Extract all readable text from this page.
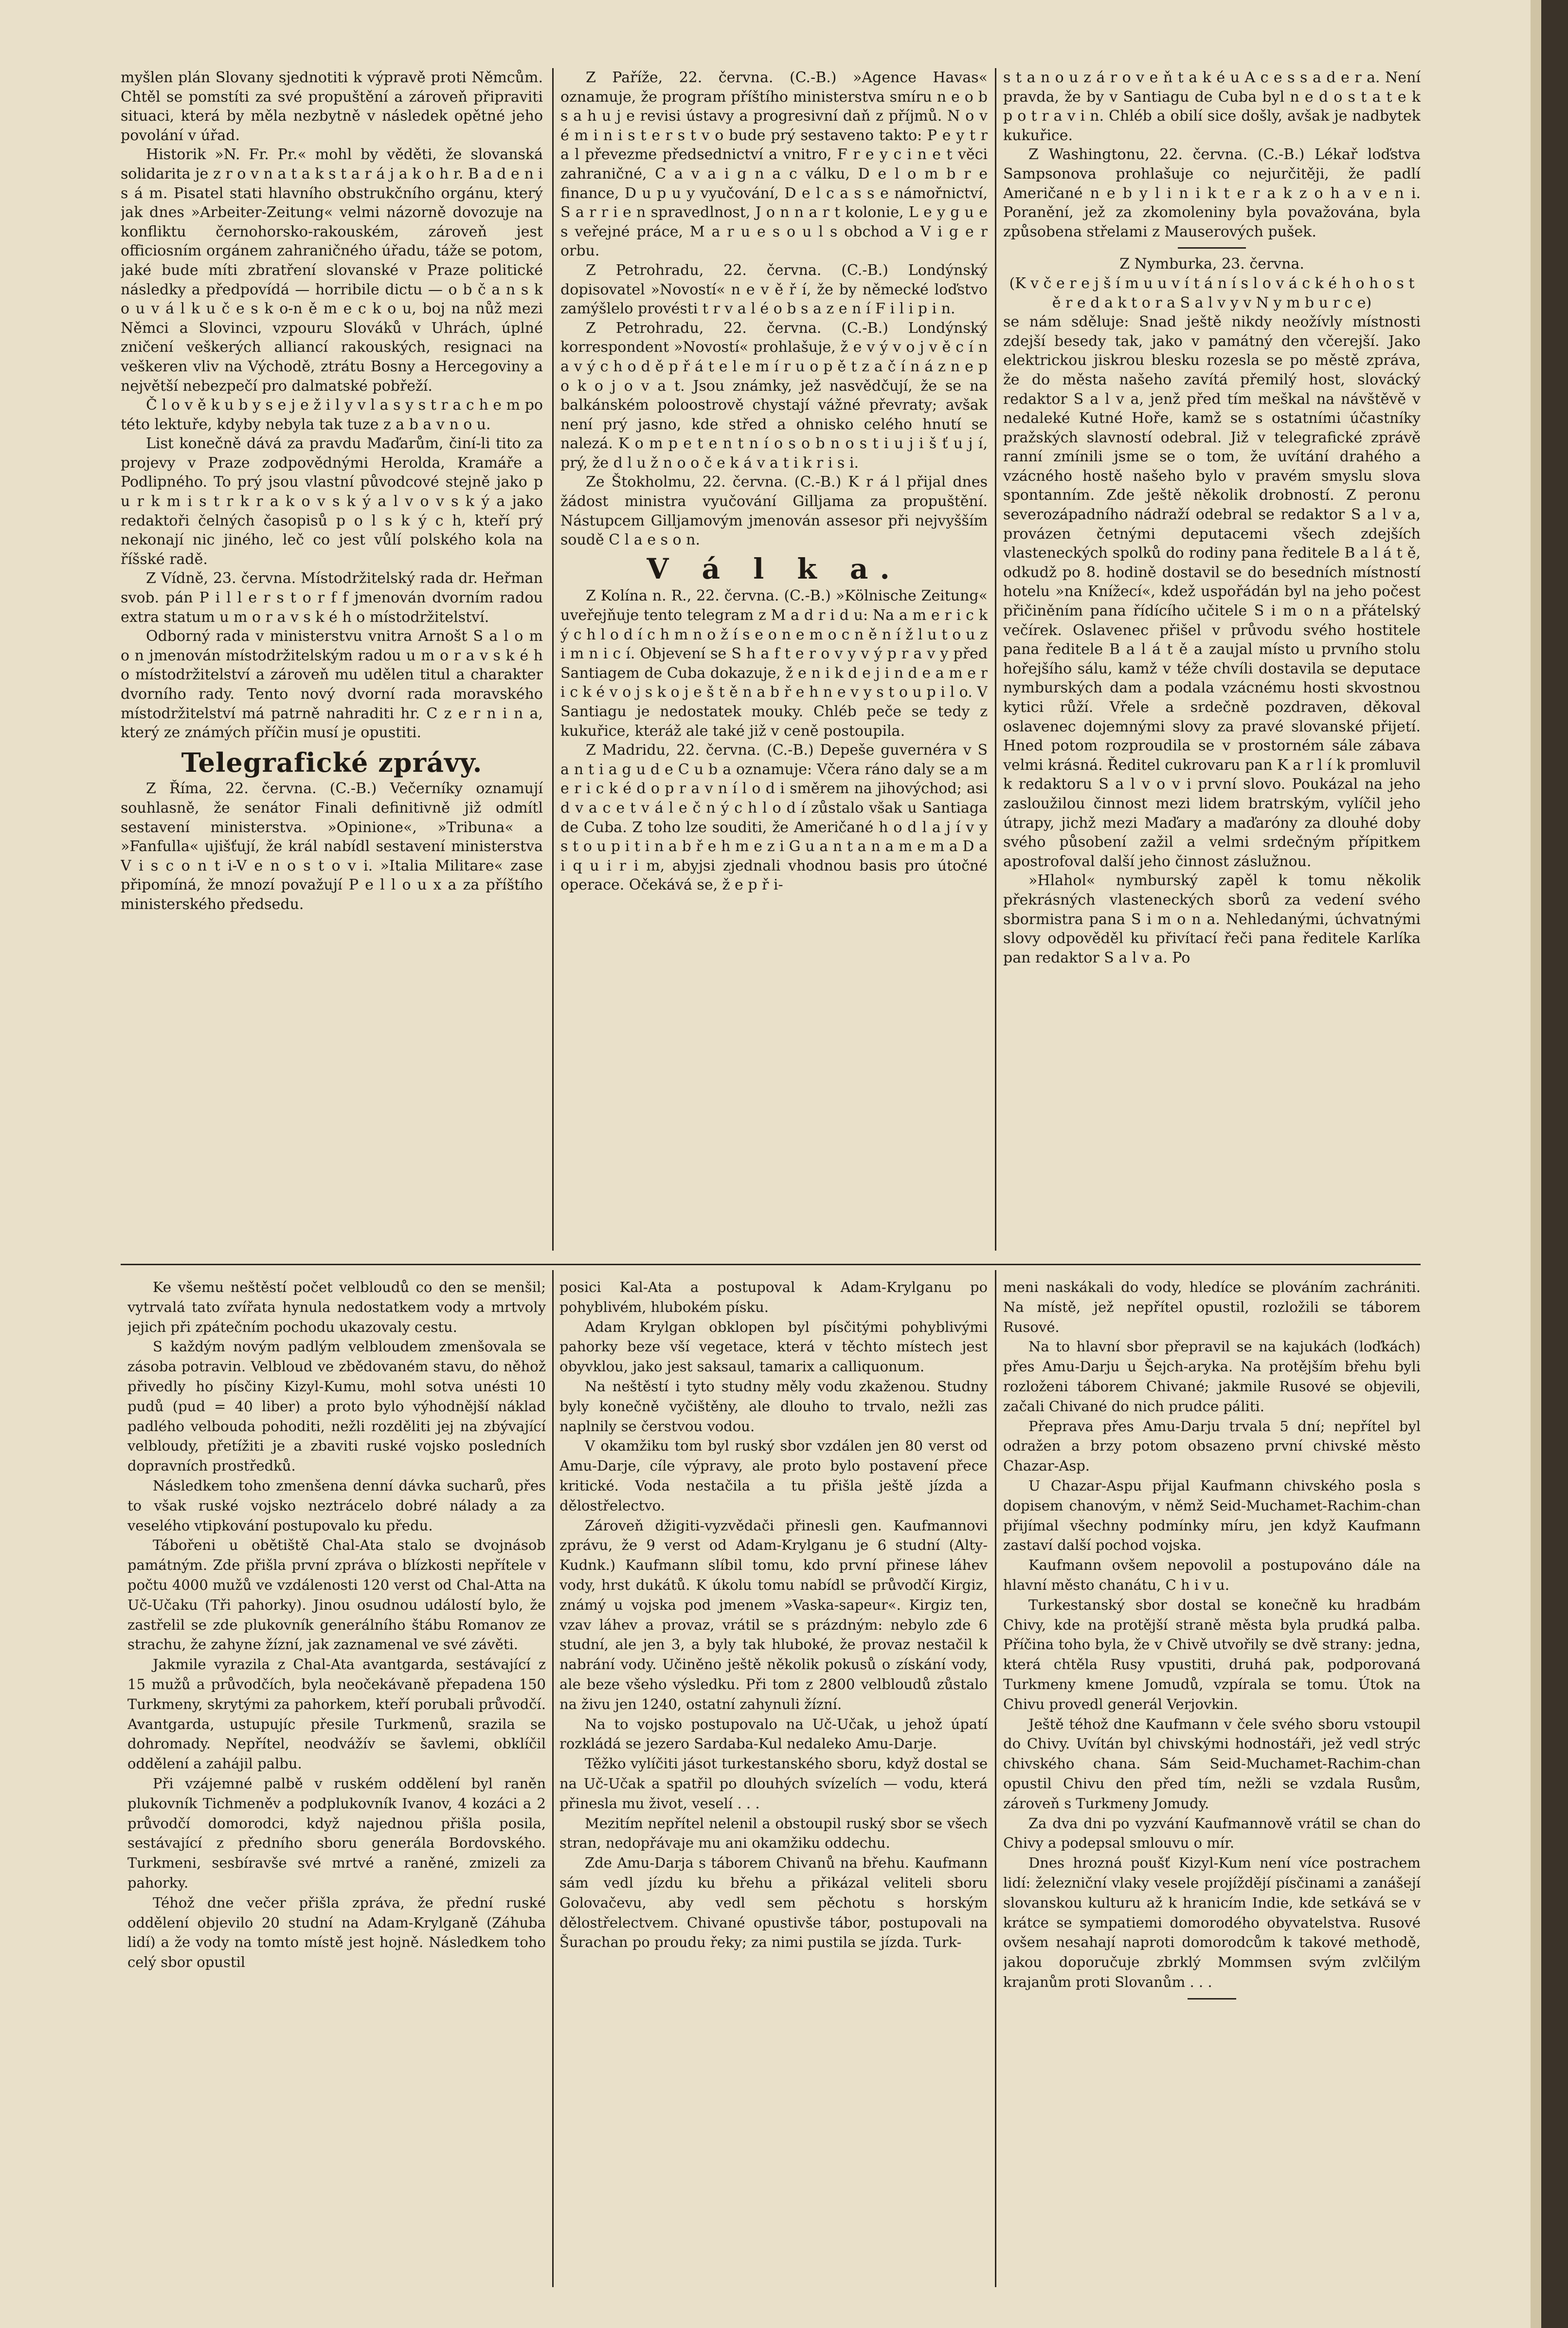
myšlen plán Slovany sjednotiti k výpravě proti Němcům. Chtěl se pomstíti za své propuštění a zároveň připraviti situaci, která by měla nezbytně v následek opětné jeho povolání v úřad.

Historik »N. Fr. Pr.« mohl by věděti, že slovanská solidarita je z r o v n a t a k s t a r á j a k o h r. B a d e n i s á m. Pisatel stati hlavního obstrukčního orgánu, který jak dnes »Arbeiter-Zeitung« velmi názorně dovozuje na konfliktu černohorsko-rakouském, zároveň jest officiosním orgánem zahraničného úřadu, táže se potom, jaké bude míti zbratření slovanské v Praze politické následky a předpovídá — horribile dictu — o b č a n s k o u v á l k u č e s k o-n ě m e c k o u, boj na nůž mezi Němci a Slovinci, vzpouru Slováků v Uhrách, úplné zničení veškerých alliancí rakouských, resignaci na veškeren vliv na Východě, ztrátu Bosny a Hercegoviny a největší nebezpečí pro dalmatské pobřeží.

Č l o v ě k u b y s e j e ž i l y v l a s y s t r a c h e m po této lektuře, kdyby nebyla tak tuze z a b a v n o u.

List konečně dává za pravdu Maďarům, činí-li tito za projevy v Praze zodpovědnými Herolda, Kramáře a Podlipného. To prý jsou vlastní původcové stejně jako p u r k m i s t r k r a k o v s k ý a l v o v s k ý a jako redaktoři čelných časopisů p o l s k ý c h, kteří prý nekonají nic jiného, leč co jest vůlí polského kola na říšské radě.

Z Vídně, 23. června. Místodržitelský rada dr. Heřman svob. pán P i l l e r s t o r f f jmenován dvorním radou extra statum u m o r a v s k é h o místodržitelství.

Odborný rada v ministerstvu vnitra Arnošt S a l o m o n jmenován místodržitelským radou u m o r a v s k é h o místodržitelství a zároveň mu udělen titul a charakter dvorního rady. Tento nový dvorní rada moravského místodržitelství má patrně nahraditi hr. C z e r n i n a, který ze známých příčin musí je opustiti.

Telegrafické zprávy.

Z Říma, 22. června. (C.-B.) Večerníky oznamují souhlasně, že senátor Finali definitivně již odmítl sestavení ministerstva. »Opinione«, »Tribuna« a »Fanfulla« ujišťují, že král nabídl sestavení ministerstva V i s c o n t i-V e n o s t o v i. »Italia Militare« zase připomíná, že mnozí považují P e l l o u x a za příštího ministerského předsedu.

Z Paříže, 22. června. (C.-B.) »Agence Havas« oznamuje, že program příštího ministerstva smíru n e o b s a h u j e revisi ústavy a progresivní daň z příjmů. N o v é m i n i s t e r s t v o bude prý sestaveno takto: P e y t r a l převezme předsednictví a vnitro, F r e y c i n e t věci zahraničné, C a v a i g n a c válku, D e l o m b r e finance, D u p u y vyučování, D e l c a s s e námořnictví, S a r r i e n spravedlnost, J o n n a r t kolonie, L e y g u e s veřejné práce, M a r u e s o u l s obchod a V i g e r orbu.

Z Petrohradu, 22. června. (C.-B.) Londýnský dopisovatel »Novostí« n e v ě ř í, že by německé loďstvo zamýšlelo provésti t r v a l é o b s a z e n í F i l i p i n.

Z Petrohradu, 22. června. (C.-B.) Londýnský korrespondent »Novostí« prohlašuje, ž e v ý v o j v ě c í n a v ý c h o d ě p ř á t e l e m í r u o p ě t z a č í n á z n e p o k o j o v a t. Jsou známky, jež nasvědčují, že se na balkánském poloostrově chystají vážné převraty; avšak není prý jasno, kde střed a ohnisko celého hnutí se nalezá. K o m p e t e n t n í o s o b n o s t i u j i š ť u j í, prý, že d l u ž n o o č e k á v a t i k r i s i.

Ze Štokholmu, 22. června. (C.-B.) K r á l přijal dnes žádost ministra vyučování Gilljama za propuštění. Nástupcem Gilljamovým jmenován assesor při nejvyšším soudě C l a e s o n.

V á l k a.

Z Kolína n. R., 22. června. (C.-B.) »Kölnische Zeitung« uveřejňuje tento telegram z M a d r i d u: Na a m e r i c k ý c h l o d í c h m n o ž í s e o n e m o c n ě n í ž l u t o u z i m n i c í. Objevení se S h a f t e r o v y v ý p r a v y před Santiagem de Cuba dokazuje, ž e n i k d e j i n d e a m e r i c k é v o j s k o j e š t ě n a b ř e h n e v y s t o u p i l o. V Santiagu je nedostatek mouky. Chléb peče se tedy z kukuřice, kteráž ale také již v ceně postoupila.

Z Madridu, 22. června. (C.-B.) Depeše guvernéra v S a n t i a g u d e C u b a oznamuje: Včera ráno daly se a m e r i c k é d o p r a v n í l o d i směrem na jihovýchod; asi d v a c e t v á l e č n ý c h l o d í zůstalo však u Santiaga de Cuba. Z toho lze souditi, že Američané h o d l a j í v y s t o u p i t i n a b ř e h m e z i G u a n t a n a m e m a D a i q u i r i m, abyjsi zjednali vhodnou basis pro útočné operace. Očekává se, ž e p ř i-

s t a n o u z á r o v e ň t a k é u A c e s s a d e r a. Není pravda, že by v Santiagu de Cuba byl n e d o s t a t e k p o t r a v i n. Chléb a obilí sice došly, avšak je nadbytek kukuřice.

Z Washingtonu, 22. června. (C.-B.) Lékař loďstva Sampsonova prohlašuje co nejurčitěji, že padlí Američané n e b y l i n i k t e r a k z o h a v e n i. Poranění, jež za zkomoleniny byla považována, byla způsobena střelami z Mauserových pušek.

Z Nymburka, 23. června.

(K v č e r e j š í m u u v í t á n í s l o v á c k é h o h o s t ě r e d a k t o r a S a l v y v N y m b u r c e)

se nám sděluje: Snad ještě nikdy neožívly místnosti zdejší besedy tak, jako v památný den včerejší. Jako elektrickou jiskrou blesku rozesla se po městě zpráva, že do města našeho zavítá přemilý host, slovácký redaktor S a l v a, jenž před tím meškal na návštěvě v nedaleké Kutné Hoře, kamž se s ostatními účastníky pražských slavností odebral. Již v telegrafické zprávě ranní zmínili jsme se o tom, že uvítání drahého a vzácného hostě našeho bylo v pravém smyslu slova spontanním. Zde ještě několik drobností. Z peronu severozápadního nádraží odebral se redaktor S a l v a, provázen četnými deputacemi všech zdejších vlasteneckých spolků do rodiny pana ředitele B a l á t ě, odkudž po 8. hodině dostavil se do besedních místností hotelu »na Knížecí«, kdež uspořádán byl na jeho počest přičiněním pana řídícího učitele S i m o n a přátelský večírek. Oslavenec přišel v průvodu svého hostitele pana ředitele B a l á t ě a zaujal místo u prvního stolu hořejšího sálu, kamž v téže chvíli dostavila se deputace nymburských dam a podala vzácnému hosti skvostnou kytici růží. Vřele a srdečně pozdraven, děkoval oslavenec dojemnými slovy za pravé slovanské přijetí. Hned potom rozproudila se v prostorném sále zábava velmi krásná. Ředitel cukrovaru pan K a r l í k promluvil k redaktoru S a l v o v i první slovo. Poukázal na jeho zasloužilou činnost mezi lidem bratrským, vylíčil jeho útrapy, jichž mezi Maďary a maďaróny za dlouhé doby svého působení zažil a velmi srdečným přípitkem apostrofoval další jeho činnost záslužnou.

»Hlahol« nymburský zapěl k tomu několik překrásných vlasteneckých sborů za vedení svého sbormistra pana S i m o n a. Nehledanými, úchvatnými slovy odpověděl ku přivítací řeči pana ředitele Karlíka pan redaktor S a l v a. Po

Ke všemu neštěstí počet velbloudů co den se menšil; vytrvalá tato zvířata hynula nedostatkem vody a mrtvoly jejich při zpátečním pochodu ukazovaly cestu.

S každým novým padlým velbloudem zmenšovala se zásoba potravin. Velbloud ve zbědovaném stavu, do něhož přivedly ho písčiny Kizyl-Kumu, mohl sotva unésti 10 pudů (pud = 40 liber) a proto bylo výhodnější náklad padlého velbouda pohoditi, nežli rozděliti jej na zbývající velbloudy, přetížiti je a zbaviti ruské vojsko posledních dopravních prostředků.

Následkem toho zmenšena denní dávka sucharů, přes to však ruské vojsko neztrácelo dobré nálady a za veselého vtipkování postupovalo ku předu.

Tábořeni u obětiště Chal-Ata stalo se dvojnásob památným. Zde přišla první zpráva o blízkosti nepřítele v počtu 4000 mužů ve vzdálenosti 120 verst od Chal-Atta na Uč-Učaku (Tři pahorky). Jinou osudnou událostí bylo, že zastřelil se zde plukovník generálního štábu Romanov ze strachu, že zahyne žízní, jak zaznamenal ve své závěti.

Jakmile vyrazila z Chal-Ata avantgarda, sestávající z 15 mužů a průvodčích, byla neočekávaně přepadena 150 Turkmeny, skrytými za pahorkem, kteří porubali průvodčí. Avantgarda, ustupujíc přesile Turkmenů, srazila se dohromady. Nepřítel, neodvážív se šavlemi, obklíčil oddělení a zahájil palbu.

Při vzájemné palbě v ruském oddělení byl raněn plukovník Tichmeněv a podplukovník Ivanov, 4 kozáci a 2 průvodčí domorodci, když najednou přišla posila, sestávající z předního sboru generála Bordovského. Turkmeni, sesbíravše své mrtvé a raněné, zmizeli za pahorky.

Téhož dne večer přišla zpráva, že přední ruské oddělení objevilo 20 studní na Adam-Krylganě (Záhuba lidí) a že vody na tomto místě jest hojně. Následkem toho celý sbor opustil

posici Kal-Ata a postupoval k Adam-Krylganu po pohyblivém, hlubokém písku.

Adam Krylgan obklopen byl písčitými pohyblivými pahorky beze vší vegetace, která v těchto místech jest obyvklou, jako jest saksaul, tamarix a calliquonum.

Na neštěstí i tyto studny měly vodu zkaženou. Studny byly konečně vyčištěny, ale dlouho to trvalo, nežli zas naplnily se čerstvou vodou.

V okamžiku tom byl ruský sbor vzdálen jen 80 verst od Amu-Darje, cíle výpravy, ale proto bylo postavení přece kritické. Voda nestačila a tu přišla ještě jízda a dělostřelectvo.

Zároveň džigiti-vyzvědači přinesli gen. Kaufmannovi zprávu, že 9 verst od Adam-Krylganu je 6 studní (Alty-Kudnk.) Kaufmann slíbil tomu, kdo první přinese láhev vody, hrst dukátů. K úkolu tomu nabídl se průvodčí Kirgiz, známý u vojska pod jmenem »Vaska-sapeur«. Kirgiz ten, vzav láhev a provaz, vrátil se s prázdným: nebylo zde 6 studní, ale jen 3, a byly tak hluboké, že provaz nestačil k nabrání vody. Učiněno ještě několik pokusů o získání vody, ale beze všeho výsledku. Při tom z 2800 velbloudů zůstalo na živu jen 1240, ostatní zahynuli žízní.

Na to vojsko postupovalo na Uč-Učak, u jehož úpatí rozkládá se jezero Sardaba-Kul nedaleko Amu-Darje.

Těžko vylíčiti jásot turkestanského sboru, když dostal se na Uč-Učak a spatřil po dlouhých svízelích — vodu, která přinesla mu život, veselí . . .

Mezitím nepřítel nelenil a obstoupil ruský sbor se všech stran, nedopřávaje mu ani okamžiku oddechu.

Zde Amu-Darja s táborem Chivanů na břehu. Kaufmann sám vedl jízdu ku břehu a přikázal veliteli sboru Golovačevu, aby vedl sem pěchotu s horským dělostřelectvem. Chivané opustivše tábor, postupovali na Šurachan po proudu řeky; za nimi pustila se jízda. Turk-

meni naskákali do vody, hledíce se plováním zachrániti. Na místě, jež nepřítel opustil, rozložili se táborem Rusové.

Na to hlavní sbor přepravil se na kajukách (loďkách) přes Amu-Darju u Šejch-aryka. Na protějším břehu byli rozloženi táborem Chivané; jakmile Rusové se objevili, začali Chivané do nich prudce páliti.

Přeprava přes Amu-Darju trvala 5 dní; nepřítel byl odražen a brzy potom obsazeno první chivské město Chazar-Asp.

U Chazar-Aspu přijal Kaufmann chivského posla s dopisem chanovým, v němž Seid-Muchamet-Rachim-chan přijímal všechny podmínky míru, jen když Kaufmann zastaví další pochod vojska.

Kaufmann ovšem nepovolil a postupováno dále na hlavní město chanátu, C h i v u.

Turkestanský sbor dostal se konečně ku hradbám Chivy, kde na protější straně města byla prudká palba. Příčina toho byla, že v Chivě utvořily se dvě strany: jedna, která chtěla Rusy vpustiti, druhá pak, podporovaná Turkmeny kmene Jomudů, vzpírala se tomu. Útok na Chivu provedl generál Verjovkin.

Ještě téhož dne Kaufmann v čele svého sboru vstoupil do Chivy. Uvítán byl chivskými hodnostáři, jež vedl strýc chivského chana. Sám Seid-Muchamet-Rachim-chan opustil Chivu den před tím, nežli se vzdala Rusům, zároveň s Turkmeny Jomudy.

Za dva dni po vyzvání Kaufmannově vrátil se chan do Chivy a podepsal smlouvu o mír.

Dnes hrozná poušť Kizyl-Kum není více postrachem lidí: železniční vlaky vesele projíždějí písčinami a zanášejí slovanskou kulturu až k hranicím Indie, kde setkává se v krátce se sympatiemi domorodého obyvatelstva. Rusové ovšem nesahají naproti domorodcům k takové methodě, jakou doporučuje zbrklý Mommsen svým zvlčilým krajanům proti Slovanům . . .
